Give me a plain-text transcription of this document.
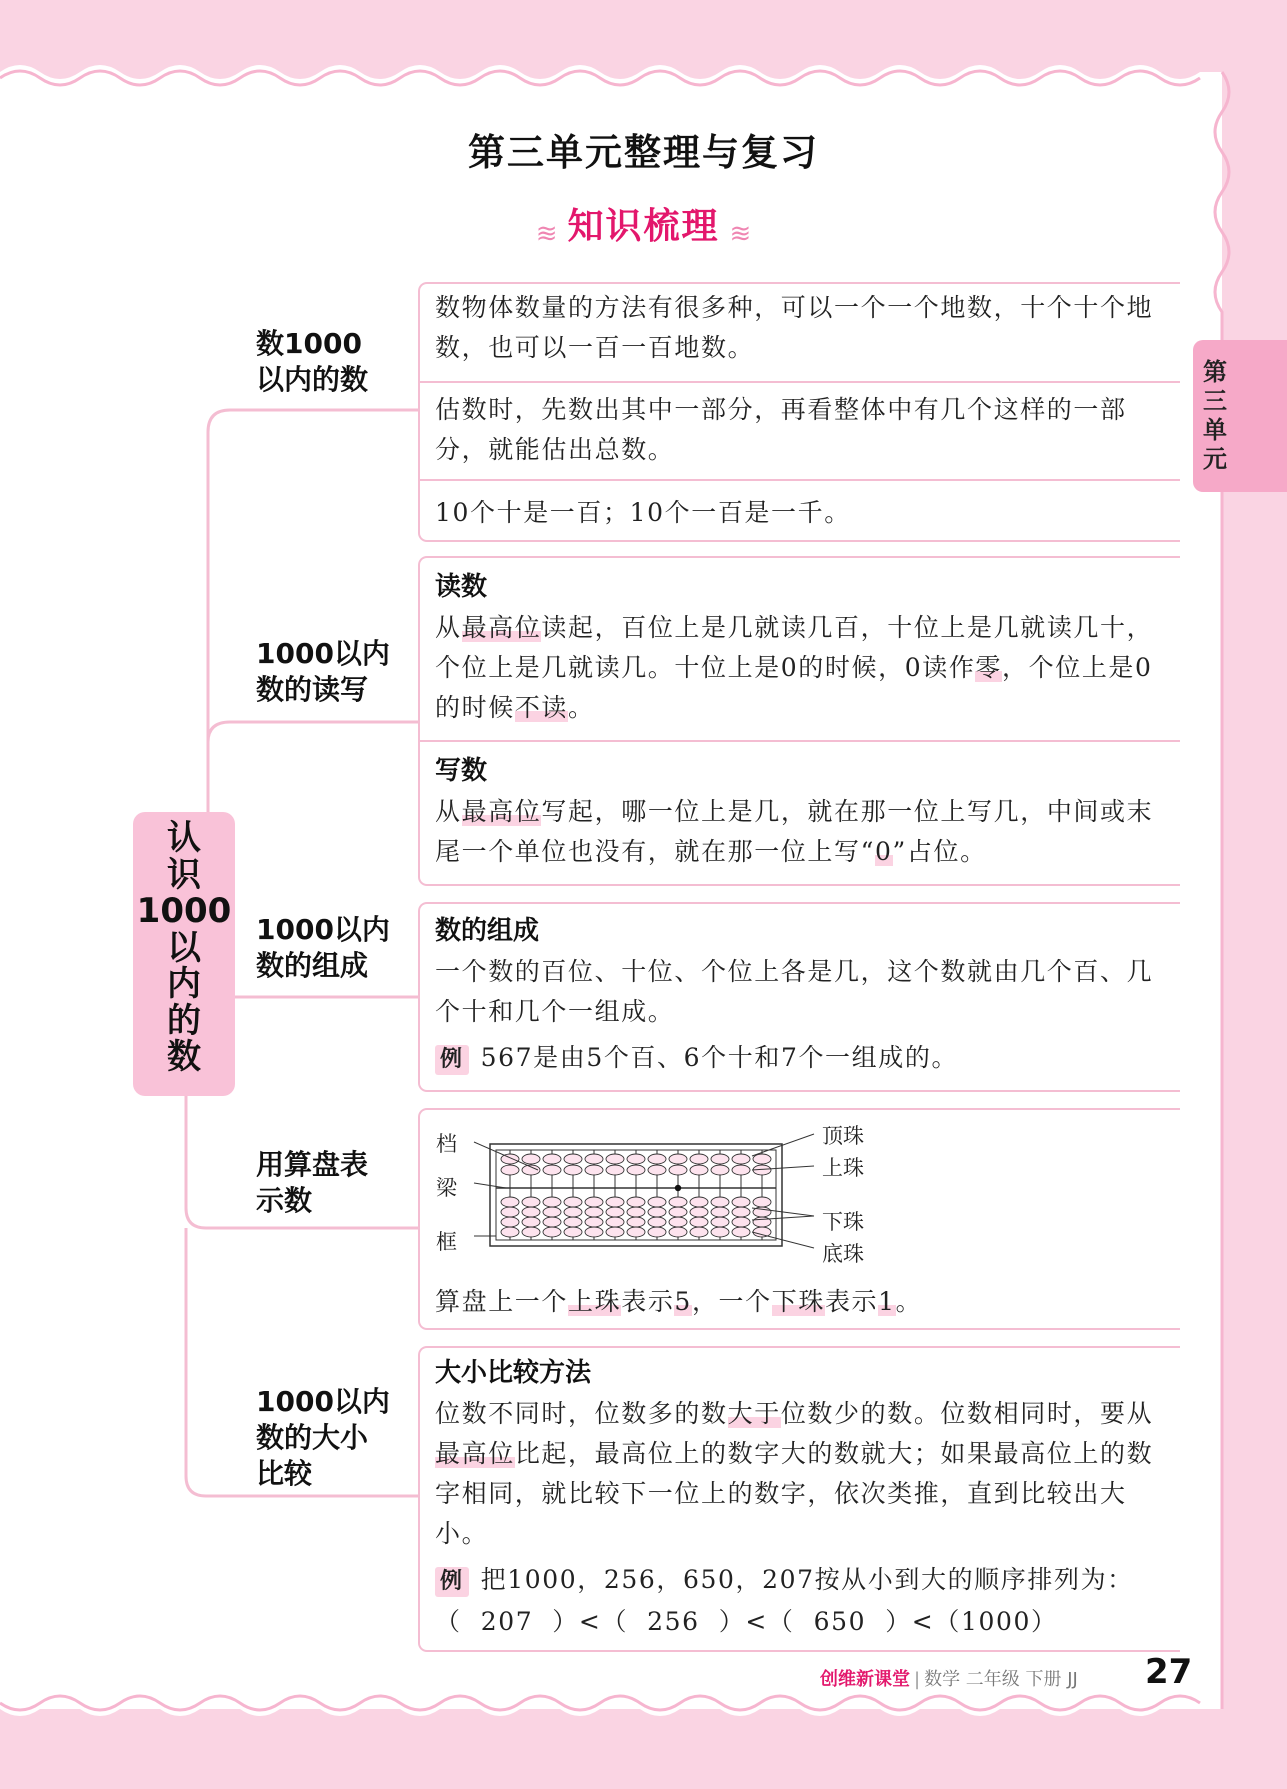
第三单元
第三单元整理与复习
≋ 知识梳理 ≋
认
识
1000
以
内
的
数
数1000
以内的数
1000以内
数的读写
1000以内
数的组成
用算盘表
示数
1000以内
数的大小
比较
数物体数量的方法有很多种，可以一个一个地数，十个十个地数，也可以一百一百地数。
估数时，先数出其中一部分，再看整体中有几个这样的一部分，就能估出总数。
10个十是一百；10个一百是一千。
读数
从最高位读起，百位上是几就读几百，十位上是几就读几十，个位上是几就读几。十位上是0的时候，0读作零，个位上是0的时候不读。
写数
从最高位写起，哪一位上是几，就在那一位上写几，中间或末尾一个单位也没有，就在那一位上写“0”占位。
数的组成
一个数的百位、十位、个位上各是几，这个数就由几个百、几个十和几个一组成。
例 567是由5个百、6个十和7个一组成的。
档
梁
框
顶珠
上珠
下珠
底珠
算盘上一个上珠表示5，一个下珠表示1。
大小比较方法
位数不同时，位数多的数大于位数少的数。位数相同时，要从最高位比起，最高位上的数字大的数就大；如果最高位上的数字相同，就比较下一位上的数字，依次类推，直到比较出大小。
例 把1000，256，650，207按从小到大的顺序排列为：
（  207  ）<（  256  ）<（  650  ）<（1000）
创维新课堂 | 数学 二年级 下册 JJ 27
